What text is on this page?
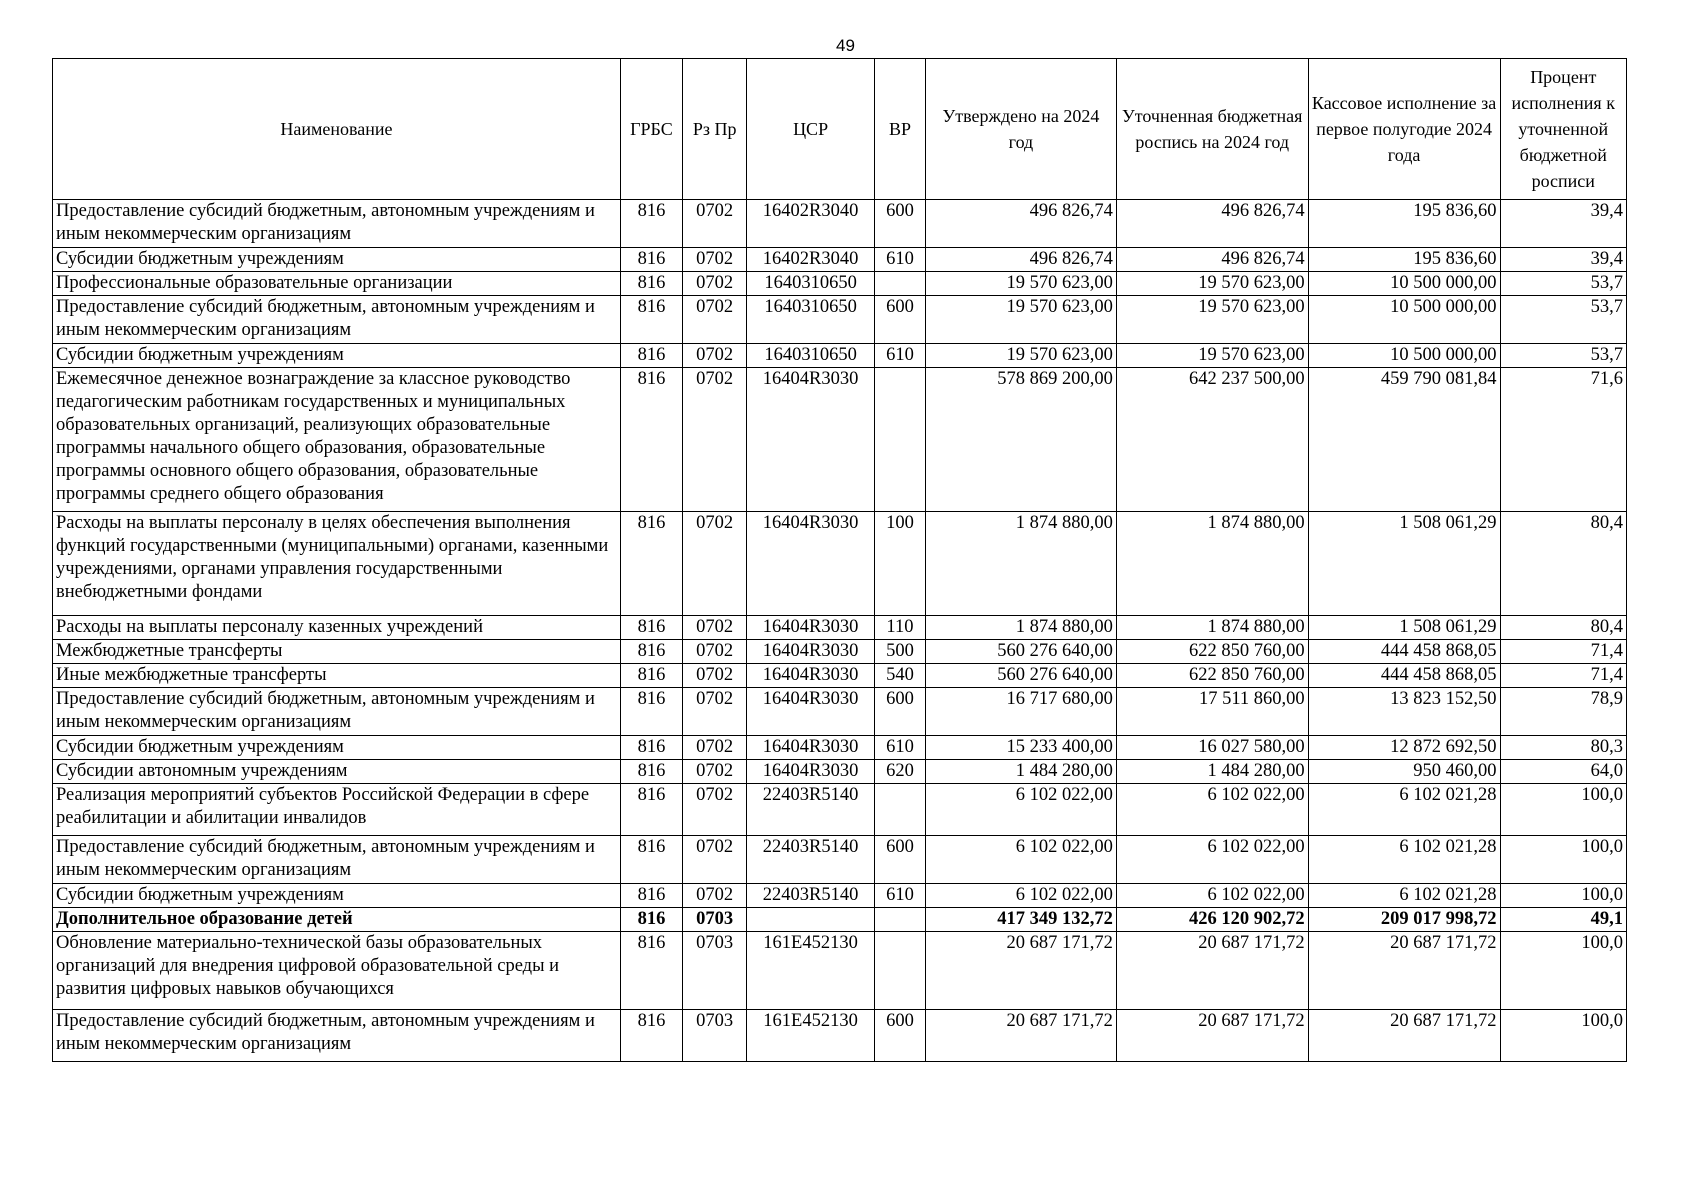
49
Наименование	ГРБС	Рз Пр	ЦСР	ВР	Утверждено на 2024 год	Уточненная бюджетная роспись на 2024 год	Кассовое исполнение за первое полугодие 2024 года	Процент исполнения к уточненной бюджетной росписи
Предоставление субсидий бюджетным, автономным учреждениям и иным некоммерческим организациям	816	0702	16402R3040	600	496 826,74	496 826,74	195 836,60	39,4
Субсидии бюджетным учреждениям	816	0702	16402R3040	610	496 826,74	496 826,74	195 836,60	39,4
Профессиональные образовательные организации	816	0702	1640310650		19 570 623,00	19 570 623,00	10 500 000,00	53,7
Предоставление субсидий бюджетным, автономным учреждениям и иным некоммерческим организациям	816	0702	1640310650	600	19 570 623,00	19 570 623,00	10 500 000,00	53,7
Субсидии бюджетным учреждениям	816	0702	1640310650	610	19 570 623,00	19 570 623,00	10 500 000,00	53,7
Ежемесячное денежное вознаграждение за классное руководство педагогическим работникам государственных и муниципальных образовательных организаций, реализующих образовательные программы начального общего образования, образовательные программы основного общего образования, образовательные программы среднего общего образования	816	0702	16404R3030		578 869 200,00	642 237 500,00	459 790 081,84	71,6
Расходы на выплаты персоналу в целях обеспечения выполнения функций государственными (муниципальными) органами, казенными учреждениями, органами управления государственными внебюджетными фондами	816	0702	16404R3030	100	1 874 880,00	1 874 880,00	1 508 061,29	80,4
Расходы на выплаты персоналу казенных учреждений	816	0702	16404R3030	110	1 874 880,00	1 874 880,00	1 508 061,29	80,4
Межбюджетные трансферты	816	0702	16404R3030	500	560 276 640,00	622 850 760,00	444 458 868,05	71,4
Иные межбюджетные трансферты	816	0702	16404R3030	540	560 276 640,00	622 850 760,00	444 458 868,05	71,4
Предоставление субсидий бюджетным, автономным учреждениям и иным некоммерческим организациям	816	0702	16404R3030	600	16 717 680,00	17 511 860,00	13 823 152,50	78,9
Субсидии бюджетным учреждениям	816	0702	16404R3030	610	15 233 400,00	16 027 580,00	12 872 692,50	80,3
Субсидии автономным учреждениям	816	0702	16404R3030	620	1 484 280,00	1 484 280,00	950 460,00	64,0
Реализация мероприятий субъектов Российской Федерации в сфере реабилитации и абилитации инвалидов	816	0702	22403R5140		6 102 022,00	6 102 022,00	6 102 021,28	100,0
Предоставление субсидий бюджетным, автономным учреждениям и иным некоммерческим организациям	816	0702	22403R5140	600	6 102 022,00	6 102 022,00	6 102 021,28	100,0
Субсидии бюджетным учреждениям	816	0702	22403R5140	610	6 102 022,00	6 102 022,00	6 102 021,28	100,0
Дополнительное образование детей	816	0703			417 349 132,72	426 120 902,72	209 017 998,72	49,1
Обновление материально-технической базы образовательных организаций для внедрения цифровой образовательной среды и развития цифровых навыков обучающихся	816	0703	161E452130		20 687 171,72	20 687 171,72	20 687 171,72	100,0
Предоставление субсидий бюджетным, автономным учреждениям и иным некоммерческим организациям	816	0703	161E452130	600	20 687 171,72	20 687 171,72	20 687 171,72	100,0
